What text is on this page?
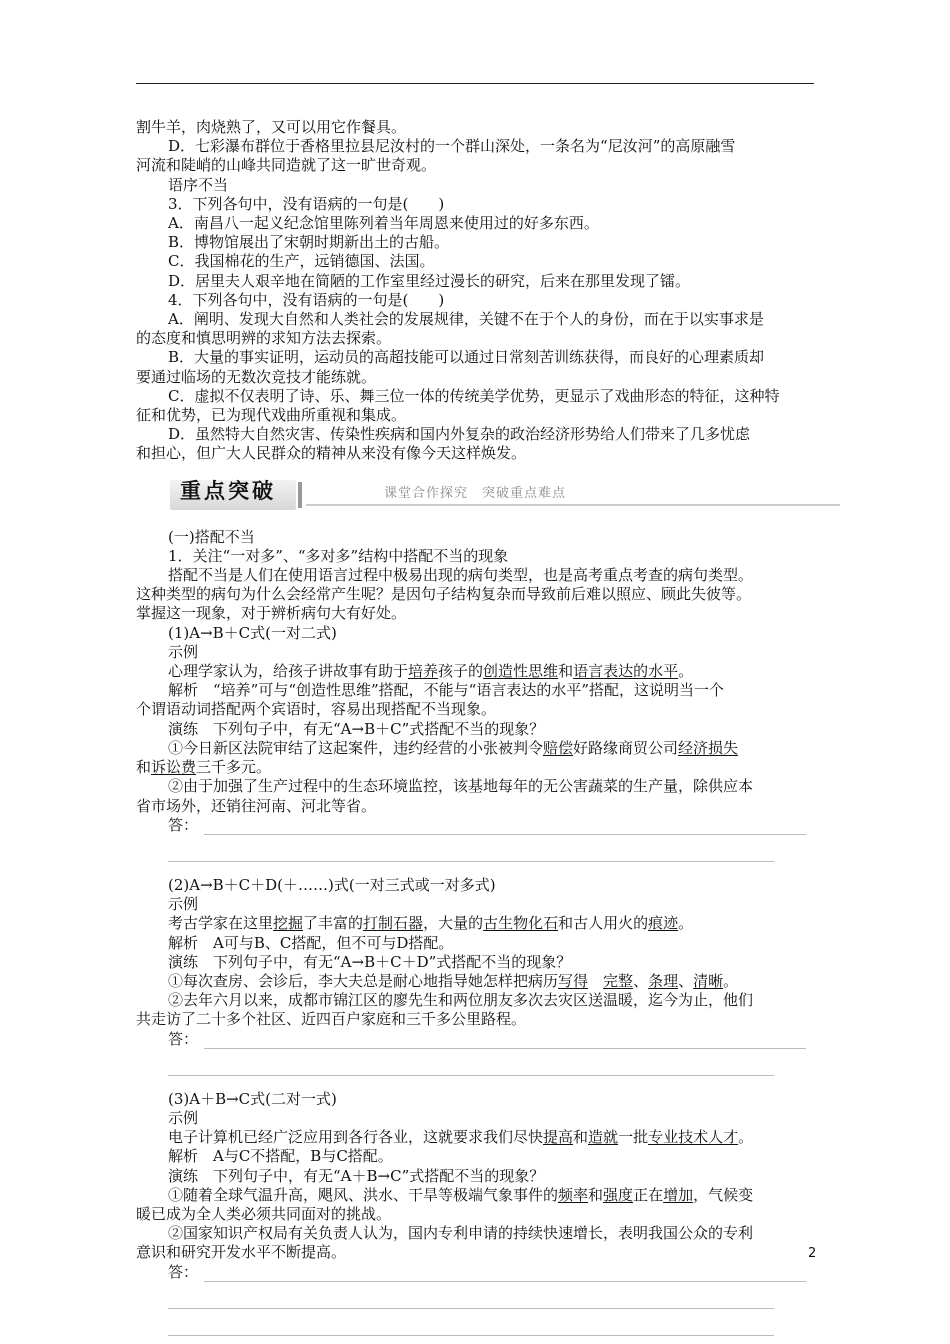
割牛羊，肉烧熟了，又可以用它作餐具。
D．七彩瀑布群位于香格里拉县尼汝村的一个群山深处，一条名为“尼汝河”的高原融雪
河流和陡峭的山峰共同造就了这一旷世奇观。
语序不当
3．下列各句中，没有语病的一句是(　　)
A．南昌八一起义纪念馆里陈列着当年周恩来使用过的好多东西。
B．博物馆展出了宋朝时期新出土的古船。
C．我国棉花的生产，远销德国、法国。
D．居里夫人艰辛地在简陋的工作室里经过漫长的研究，后来在那里发现了镭。
4．下列各句中，没有语病的一句是(　　)
A．阐明、发现大自然和人类社会的发展规律，关键不在于个人的身份，而在于以实事求是
的态度和慎思明辨的求知方法去探索。
B．大量的事实证明，运动员的高超技能可以通过日常刻苦训练获得，而良好的心理素质却
要通过临场的无数次竞技才能练就。
C．虚拟不仅表明了诗、乐、舞三位一体的传统美学优势，更显示了戏曲形态的特征，这种特
征和优势，已为现代戏曲所重视和集成。
D．虽然特大自然灾害、传染性疾病和国内外复杂的政治经济形势给人们带来了几多忧虑
和担心，但广大人民群众的精神从来没有像今天这样焕发。
重点突破	课堂合作探究　突破重点难点
(一)搭配不当
1．关注“一对多”、“多对多”结构中搭配不当的现象
搭配不当是人们在使用语言过程中极易出现的病句类型，也是高考重点考查的病句类型。
这种类型的病句为什么会经常产生呢？是因句子结构复杂而导致前后难以照应、顾此失彼等。
掌握这一现象，对于辨析病句大有好处。
(1)A→B＋C式(一对二式)
示例
心理学家认为，给孩子讲故事有助于培养孩子的创造性思维和语言表达的水平。
解析　“培养”可与“创造性思维”搭配，不能与“语言表达的水平”搭配，这说明当一个
个谓语动词搭配两个宾语时，容易出现搭配不当现象。
演练　下列句子中，有无“A→B＋C”式搭配不当的现象？
①今日新区法院审结了这起案件，违约经营的小张被判令赔偿好路缘商贸公司经济损失
和诉讼费三千多元。
②由于加强了生产过程中的生态环境监控，该基地每年的无公害蔬菜的生产量，除供应本
省市场外，还销往河南、河北等省。
答：
(2)A→B＋C＋D(＋……)式(一对三式或一对多式)
示例
考古学家在这里挖掘了丰富的打制石器，大量的古生物化石和古人用火的痕迹。
解析　A可与B、C搭配，但不可与D搭配。
演练　下列句子中，有无“A→B＋C＋D”式搭配不当的现象？
①每次查房、会诊后，李大夫总是耐心地指导她怎样把病历写得　 完整、条理、清晰。
②去年六月以来，成都市锦江区的廖先生和两位朋友多次去灾区送温暖，迄今为止，他们
共走访了二十多个社区、近四百户家庭和三千多公里路程。
答：
(3)A＋B→C式(二对一式)
示例
电子计算机已经广泛应用到各行各业，这就要求我们尽快提高和造就一批专业技术人才。
解析　A与C不搭配，B与C搭配。
演练　下列句子中，有无“A＋B→C”式搭配不当的现象？
①随着全球气温升高，飓风、洪水、干旱等极端气象事件的频率和强度正在增加，气候变
暖已成为全人类必须共同面对的挑战。
②国家知识产权局有关负责人认为，国内专利申请的持续快速增长，表明我国公众的专利
意识和研究开发水平不断提高。
答：
2
